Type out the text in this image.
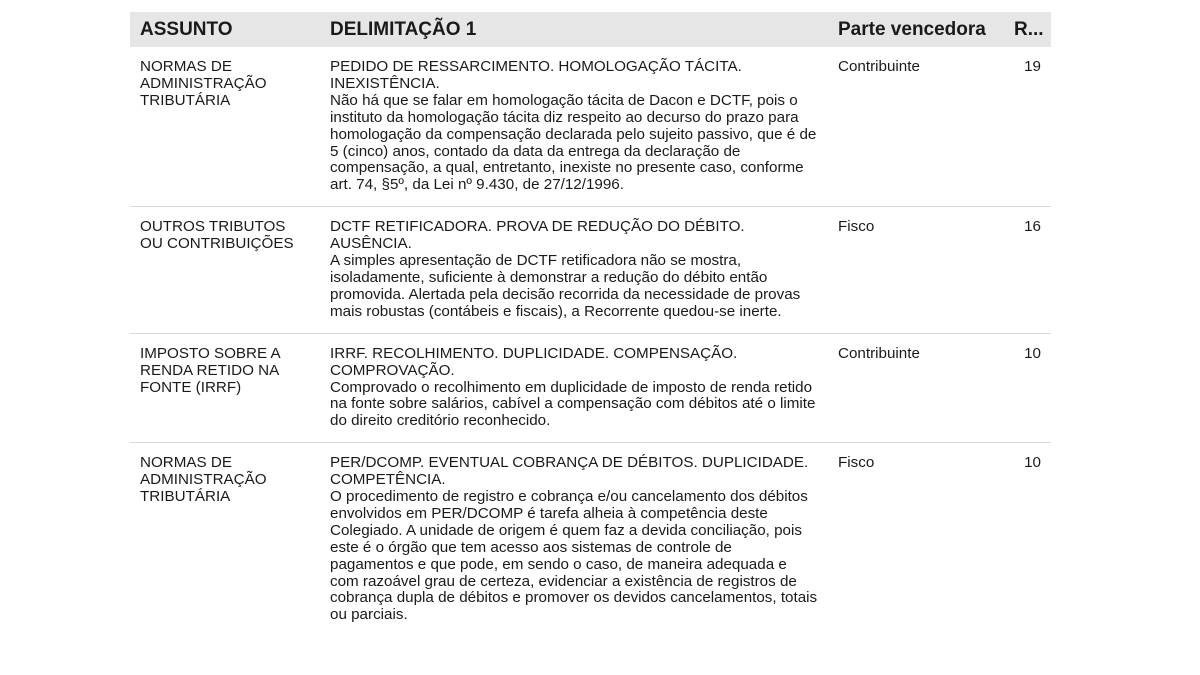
ASSUNTO	DELIMITAÇÃO 1	Parte vencedora	R...
NORMAS DE ADMINISTRAÇÃO TRIBUTÁRIA	PEDIDO DE RESSARCIMENTO. HOMOLOGAÇÃO TÁCITA. INEXISTÊNCIA.
Não há que se falar em homologação tácita de Dacon e DCTF, pois o instituto da homologação tácita diz respeito ao decurso do prazo para homologação da compensação declarada pelo sujeito passivo, que é de 5 (cinco) anos, contado da data da entrega da declaração de compensação, a qual, entretanto, inexiste no presente caso, conforme art. 74, §5º, da Lei nº 9.430, de 27/12/1996.	Contribuinte	19
OUTROS TRIBUTOS OU CONTRIBUIÇÕES	DCTF RETIFICADORA. PROVA DE REDUÇÃO DO DÉBITO. AUSÊNCIA.
A simples apresentação de DCTF retificadora não se mostra, isoladamente, suficiente à demonstrar a redução do débito então promovida. Alertada pela decisão recorrida da necessidade de provas mais robustas (contábeis e fiscais), a Recorrente quedou-se inerte.	Fisco	16
IMPOSTO SOBRE A RENDA RETIDO NA FONTE (IRRF)	IRRF. RECOLHIMENTO. DUPLICIDADE. COMPENSAÇÃO. COMPROVAÇÃO.
Comprovado o recolhimento em duplicidade de imposto de renda retido na fonte sobre salários, cabível a compensação com débitos até o limite do direito creditório reconhecido.	Contribuinte	10
NORMAS DE ADMINISTRAÇÃO TRIBUTÁRIA	PER/DCOMP. EVENTUAL COBRANÇA DE DÉBITOS. DUPLICIDADE. COMPETÊNCIA.
O procedimento de registro e cobrança e/ou cancelamento dos débitos envolvidos em PER/DCOMP é tarefa alheia à competência deste Colegiado. A unidade de origem é quem faz a devida conciliação, pois este é o órgão que tem acesso aos sistemas de controle de pagamentos e que pode, em sendo o caso, de maneira adequada e com razoável grau de certeza, evidenciar a existência de registros de cobrança dupla de débitos e promover os devidos cancelamentos, totais ou parciais.	Fisco	10
